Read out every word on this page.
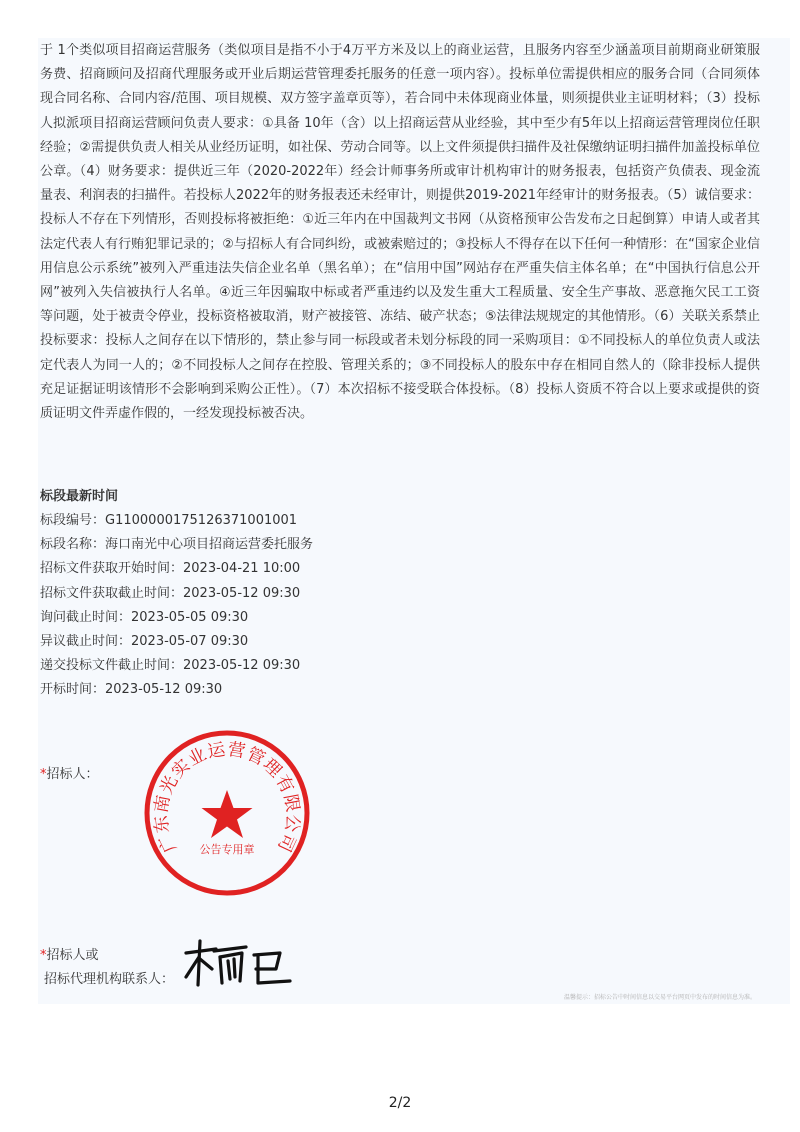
于 1个类似项目招商运营服务（类似项目是指不小于4万平方米及以上的商业运营，且服务内容至少涵盖项目前期商业研策服务费、招商顾问及招商代理服务或开业后期运营管理委托服务的任意一项内容）。投标单位需提供相应的服务合同（合同须体现合同名称、合同内容/范围、项目规模、双方签字盖章页等），若合同中未体现商业体量，则须提供业主证明材料；（3）投标人拟派项目招商运营顾问负责人要求：①具备 10年（含）以上招商运营从业经验，其中至少有5年以上招商运营管理岗位任职经验；②需提供负责人相关从业经历证明，如社保、劳动合同等。以上文件须提供扫描件及社保缴纳证明扫描件加盖投标单位公章。（4）财务要求：提供近三年（2020-2022年）经会计师事务所或审计机构审计的财务报表，包括资产负债表、现金流量表、利润表的扫描件。若投标人2022年的财务报表还未经审计，则提供2019-2021年经审计的财务报表。（5）诚信要求：投标人不存在下列情形，否则投标将被拒绝：①近三年内在中国裁判文书网（从资格预审公告发布之日起倒算）申请人或者其法定代表人有行贿犯罪记录的；②与招标人有合同纠纷，或被索赔过的；③投标人不得存在以下任何一种情形：在“国家企业信用信息公示系统”被列入严重违法失信企业名单（黑名单）；在“信用中国”网站存在严重失信主体名单；在“中国执行信息公开网”被列入失信被执行人名单。④近三年因骗取中标或者严重违约以及发生重大工程质量、安全生产事故、恶意拖欠民工工资等问题，处于被责令停业，投标资格被取消，财产被接管、冻结、破产状态；⑤法律法规规定的其他情形。（6）关联关系禁止投标要求：投标人之间存在以下情形的，禁止参与同一标段或者未划分标段的同一采购项目：①不同投标人的单位负责人或法定代表人为同一人的；②不同投标人之间存在控股、管理关系的；③不同投标人的股东中存在相同自然人的（除非投标人提供充足证据证明该情形不会影响到采购公正性）。（7）本次招标不接受联合体投标。（8）投标人资质不符合以上要求或提供的资质证明文件弄虚作假的，一经发现投标被否决。

标段最新时间

标段编号：G1100000175126371001001
标段名称：海口南光中心项目招商运营委托服务
招标文件获取开始时间：2023-04-21 10:00
招标文件获取截止时间：2023-05-12 09:30
询问截止时间：2023-05-05 09:30
异议截止时间：2023-05-07 09:30
递交投标文件截止时间：2023-05-12 09:30
开标时间：2023-05-12 09:30
*招标人：
广东南光实业运营管理有限公司
公告专用章
*招标人或
招标代理机构联系人：
温馨提示：招标公告中时间信息以交易平台网页中发布的时间信息为准。
2/2
